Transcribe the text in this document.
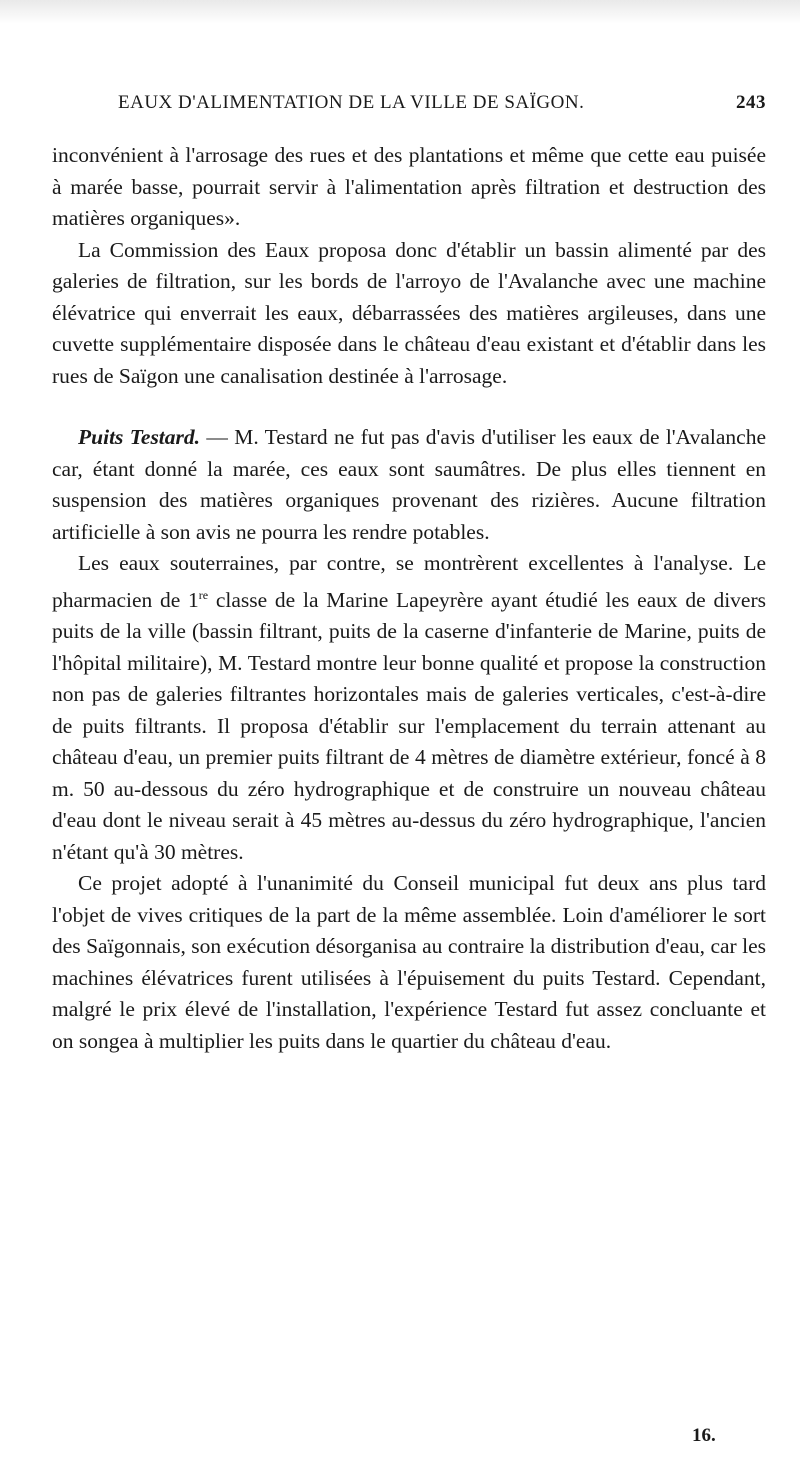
EAUX D'ALIMENTATION DE LA VILLE DE SAÏGON.	243

inconvénient à l'arrosage des rues et des plantations et même que cette eau puisée à marée basse, pourrait servir à l'alimentation après filtration et destruction des matières organiques».

La Commission des Eaux proposa donc d'établir un bassin alimenté par des galeries de filtration, sur les bords de l'arroyo de l'Avalanche avec une machine élévatrice qui enverrait les eaux, débarrassées des matières argileuses, dans une cuvette supplémentaire disposée dans le château d'eau existant et d'établir dans les rues de Saïgon une canalisation destinée à l'arrosage.

Puits Testard. — M. Testard ne fut pas d'avis d'utiliser les eaux de l'Avalanche car, étant donné la marée, ces eaux sont saumâtres. De plus elles tiennent en suspension des matières organiques provenant des rizières. Aucune filtration artificielle à son avis ne pourra les rendre potables.

Les eaux souterraines, par contre, se montrèrent excellentes à l'analyse. Le pharmacien de 1re classe de la Marine Lapeyrère ayant étudié les eaux de divers puits de la ville (bassin filtrant, puits de la caserne d'infanterie de Marine, puits de l'hôpital militaire), M. Testard montre leur bonne qualité et propose la construction non pas de galeries filtrantes horizontales mais de galeries verticales, c'est-à-dire de puits filtrants. Il proposa d'établir sur l'emplacement du terrain attenant au château d'eau, un premier puits filtrant de 4 mètres de diamètre extérieur, foncé à 8 m. 50 au-dessous du zéro hydrographique et de construire un nouveau château d'eau dont le niveau serait à 45 mètres au-dessus du zéro hydrographique, l'ancien n'étant qu'à 30 mètres.

Ce projet adopté à l'unanimité du Conseil municipal fut deux ans plus tard l'objet de vives critiques de la part de la même assemblée. Loin d'améliorer le sort des Saïgonnais, son exécution désorganisa au contraire la distribution d'eau, car les machines élévatrices furent utilisées à l'épuisement du puits Testard. Cependant, malgré le prix élevé de l'installation, l'expérience Testard fut assez concluante et on songea à multiplier les puits dans le quartier du château d'eau.

16.
